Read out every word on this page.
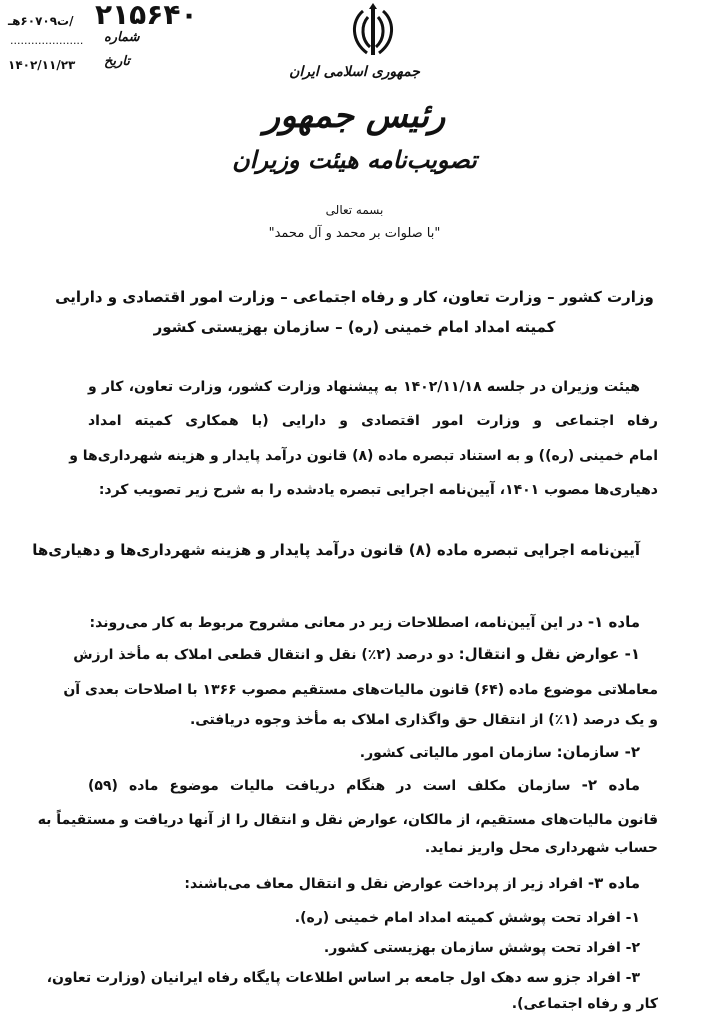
۲۱۵۶۴۰
/ت۶۰۷۰۹هـ
..................... شماره
۱۴۰۲/۱۱/۲۳ تاریخ
جمهوری اسلامی ایران
رئیس جمهور
تصویب‌نامه هیئت وزیران
بسمه تعالی
"با صلوات بر محمد و آل محمد"
وزارت کشور – وزارت تعاون، کار و رفاه اجتماعی – وزارت امور اقتصادی و دارایی
کمیته امداد امام خمینی (ره) – سازمان بهزیستی کشور
هیئت وزیران در جلسه ۱۴۰۲/۱۱/۱۸ به پیشنهاد وزارت کشور، وزارت تعاون، کار و
رفاه اجتماعی و وزارت امور اقتصادی و دارایی (با همکاری کمیته امداد
امام خمینی (ره)) و به استناد تبصره ماده (۸) قانون درآمد پایدار و هزینه شهرداری‌ها و
دهیاری‌ها مصوب ۱۴۰۱، آیین‌نامه اجرایی تبصره یادشده را به شرح زیر تصویب کرد:
آیین‌نامه اجرایی تبصره ماده (۸) قانون درآمد پایدار و هزینه شهرداری‌ها و دهیاری‌ها
ماده ۱- در این آیین‌نامه، اصطلاحات زیر در معانی مشروح مربوط به کار می‌روند:
۱- عوارض نقل و انتقال: دو درصد (۲٪) نقل و انتقال قطعی املاک به مأخذ ارزش
معاملاتی موضوع ماده (۶۴) قانون مالیات‌های مستقیم مصوب ۱۳۶۶ با اصلاحات بعدی آن
و یک درصد (۱٪) از انتقال حق واگذاری املاک به مأخذ وجوه دریافتی.
۲- سازمان: سازمان امور مالیاتی کشور.
ماده ۲- سازمان مکلف است در هنگام دریافت مالیات موضوع ماده (۵۹)
قانون مالیات‌های مستقیم، از مالکان، عوارض نقل و انتقال را از آنها دریافت و مستقیماً به
حساب شهرداری محل واریز نماید.
ماده ۳- افراد زیر از پرداخت عوارض نقل و انتقال معاف می‌باشند:
۱- افراد تحت پوشش کمیته امداد امام خمینی (ره).
۲- افراد تحت پوشش سازمان بهزیستی کشور.
۳- افراد جزو سه دهک اول جامعه بر اساس اطلاعات پایگاه رفاه ایرانیان (وزارت تعاون،
کار و رفاه اجتماعی).
